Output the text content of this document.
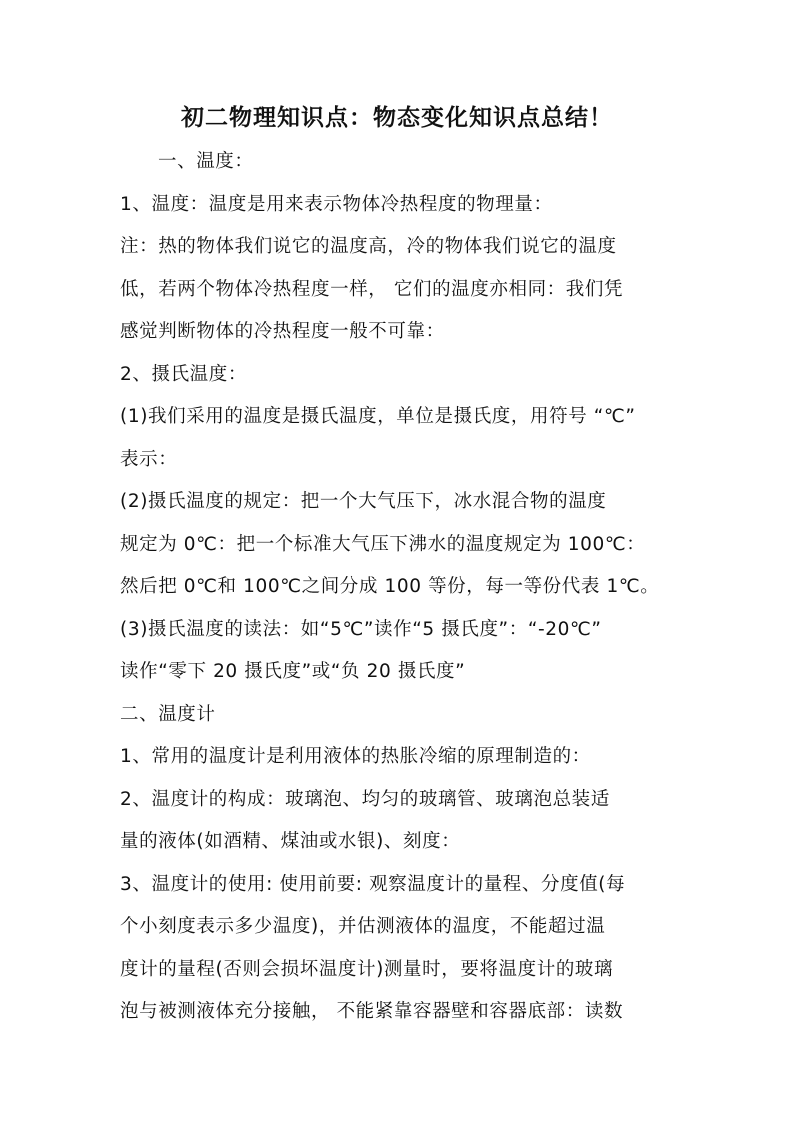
初二物理知识点：物态变化知识点总结！
一、温度：
1、温度：温度是用来表示物体冷热程度的物理量：
注：热的物体我们说它的温度高，冷的物体我们说它的温度
低，若两个物体冷热程度一样， 它们的温度亦相同：我们凭
感觉判断物体的冷热程度一般不可靠：
2、摄氏温度：
(1)我们采用的温度是摄氏温度，单位是摄氏度，用符号 “℃”
表示：
(2)摄氏温度的规定：把一个大气压下，冰水混合物的温度
规定为 0℃：把一个标准大气压下沸水的温度规定为 100℃：
然后把 0℃和 100℃之间分成 100 等份，每一等份代表 1℃。
(3)摄氏温度的读法：如“5℃”读作“5 摄氏度”：“-20℃”
读作“零下 20 摄氏度”或“负 20 摄氏度”
二、温度计
1、常用的温度计是利用液体的热胀冷缩的原理制造的：
2、温度计的构成：玻璃泡、均匀的玻璃管、玻璃泡总装适
量的液体(如酒精、煤油或水银)、刻度：
3、温度计的使用: 使用前要: 观察温度计的量程、分度值(每
个小刻度表示多少温度)，并估测液体的温度，不能超过温
度计的量程(否则会损坏温度计)测量时，要将温度计的玻璃
泡与被测液体充分接触， 不能紧靠容器壁和容器底部：读数
